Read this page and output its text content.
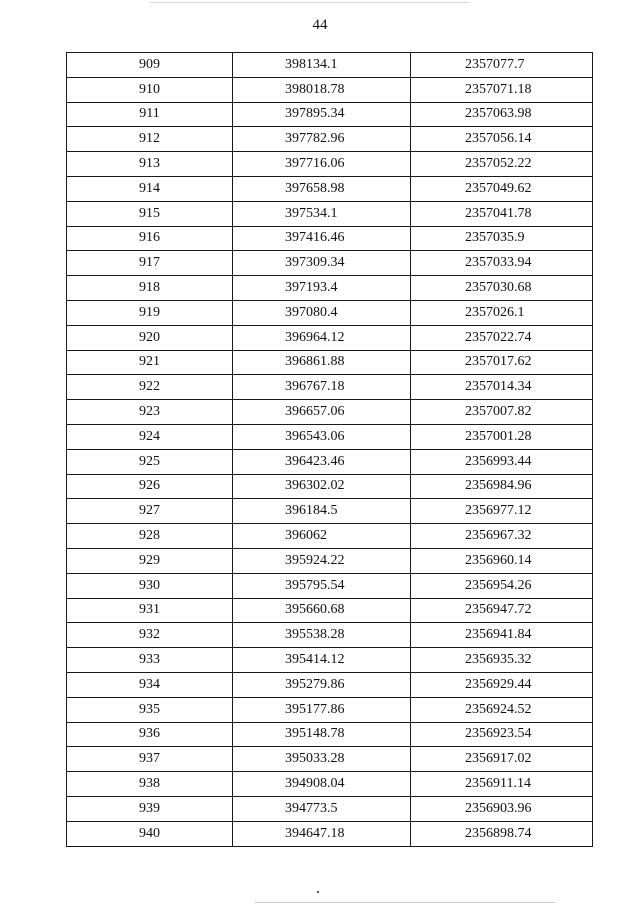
44
909	398134.1	2357077.7
910	398018.78	2357071.18
911	397895.34	2357063.98
912	397782.96	2357056.14
913	397716.06	2357052.22
914	397658.98	2357049.62
915	397534.1	2357041.78
916	397416.46	2357035.9
917	397309.34	2357033.94
918	397193.4	2357030.68
919	397080.4	2357026.1
920	396964.12	2357022.74
921	396861.88	2357017.62
922	396767.18	2357014.34
923	396657.06	2357007.82
924	396543.06	2357001.28
925	396423.46	2356993.44
926	396302.02	2356984.96
927	396184.5	2356977.12
928	396062	2356967.32
929	395924.22	2356960.14
930	395795.54	2356954.26
931	395660.68	2356947.72
932	395538.28	2356941.84
933	395414.12	2356935.32
934	395279.86	2356929.44
935	395177.86	2356924.52
936	395148.78	2356923.54
937	395033.28	2356917.02
938	394908.04	2356911.14
939	394773.5	2356903.96
940	394647.18	2356898.74
